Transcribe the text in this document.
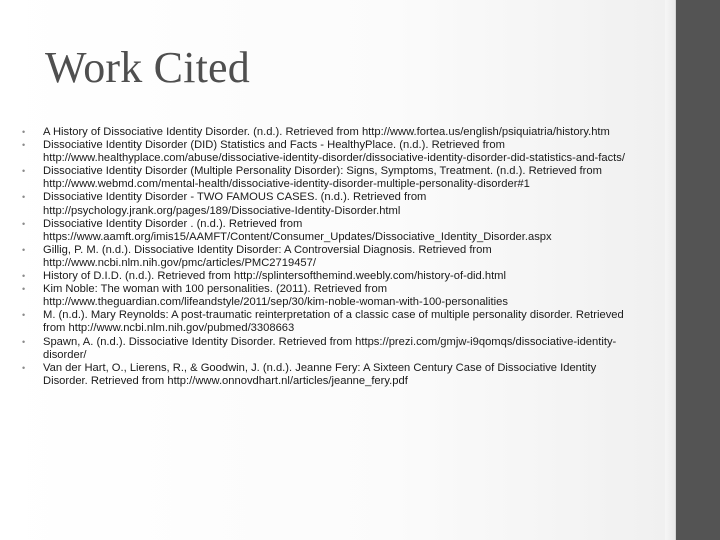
Work Cited
• A History of Dissociative Identity Disorder. (n.d.). Retrieved from http://www.fortea.us/english/psiquiatria/history.htm
• Dissociative Identity Disorder (DID) Statistics and Facts - HealthyPlace. (n.d.). Retrieved from http://www.healthyplace.com/abuse/dissociative-identity-disorder/dissociative-identity-disorder-did-statistics-and-facts/
• Dissociative Identity Disorder (Multiple Personality Disorder): Signs, Symptoms, Treatment. (n.d.). Retrieved from http://www.webmd.com/mental-health/dissociative-identity-disorder-multiple-personality-disorder#1
• Dissociative Identity Disorder - TWO FAMOUS CASES. (n.d.). Retrieved from http://psychology.jrank.org/pages/189/Dissociative-Identity-Disorder.html
• Dissociative Identity Disorder . (n.d.). Retrieved from https://www.aamft.org/imis15/AAMFT/Content/Consumer_Updates/Dissociative_Identity_Disorder.aspx
• Gillig, P. M. (n.d.). Dissociative Identity Disorder: A Controversial Diagnosis. Retrieved from http://www.ncbi.nlm.nih.gov/pmc/articles/PMC2719457/
• History of D.I.D. (n.d.). Retrieved from http://splintersofthemind.weebly.com/history-of-did.html
• Kim Noble: The woman with 100 personalities. (2011). Retrieved from http://www.theguardian.com/lifeandstyle/2011/sep/30/kim-noble-woman-with-100-personalities
• M. (n.d.). Mary Reynolds: A post-traumatic reinterpretation of a classic case of multiple personality disorder. Retrieved from http://www.ncbi.nlm.nih.gov/pubmed/3308663
• Spawn, A. (n.d.). Dissociative Identity Disorder. Retrieved from https://prezi.com/gmjw-i9qomqs/dissociative-identity-disorder/
• Van der Hart, O., Lierens, R., & Goodwin, J. (n.d.). Jeanne Fery: A Sixteen Century Case of Dissociative Identity Disorder. Retrieved from http://www.onnovdhart.nl/articles/jeanne_fery.pdf
